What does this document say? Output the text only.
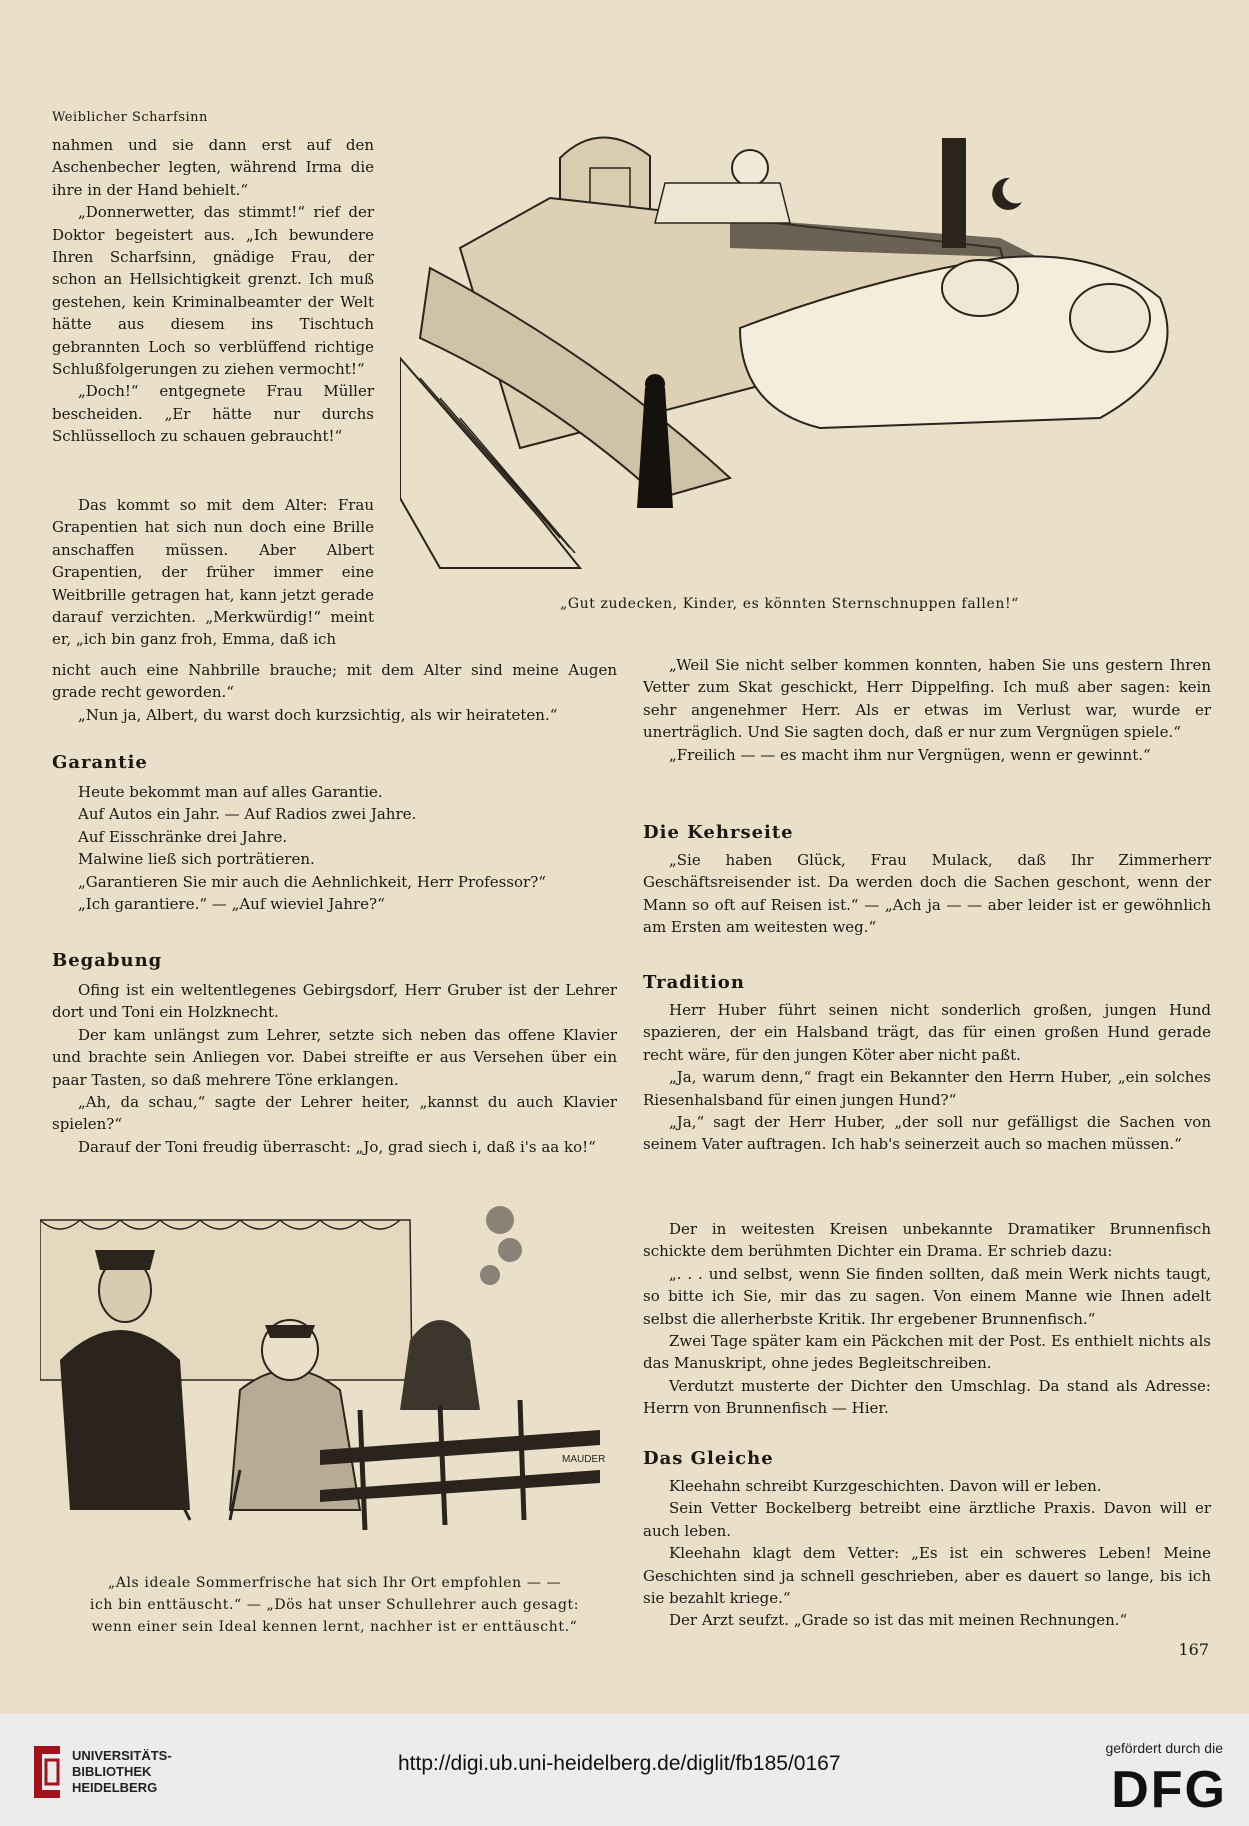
Weiblicher Scharfsinn

nahmen und sie dann erst auf den Aschenbecher legten, während Irma die ihre in der Hand behielt.“

„Donnerwetter, das stimmt!“ rief der Doktor begeistert aus. „Ich bewundere Ihren Scharfsinn, gnädige Frau, der schon an Hellsichtigkeit grenzt. Ich muß gestehen, kein Kriminalbeamter der Welt hätte aus diesem ins Tischtuch gebrannten Loch so verblüffend richtige Schlußfolgerungen zu ziehen vermocht!“

„Doch!“ entgegnete Frau Müller bescheiden. „Er hätte nur durchs Schlüsselloch zu schauen gebraucht!“

Das kommt so mit dem Alter: Frau Grapentien hat sich nun doch eine Brille anschaffen müssen. Aber Albert Grapentien, der früher immer eine Weitbrille getragen hat, kann jetzt gerade darauf verzichten. „Merkwürdig!“ meint er, „ich bin ganz froh, Emma, daß ich

nicht auch eine Nahbrille brauche; mit dem Alter sind meine Augen grade recht geworden.“

„Nun ja, Albert, du warst doch kurzsichtig, als wir heirateten.“

„Gut zudecken, Kinder, es könnten Sternschnuppen fallen!“
Garantie

Heute bekommt man auf alles Garantie.

Auf Autos ein Jahr. — Auf Radios zwei Jahre.

Auf Eisschränke drei Jahre.

Malwine ließ sich porträtieren.

„Garantieren Sie mir auch die Aehnlichkeit, Herr Professor?“

„Ich garantiere.“ — „Auf wieviel Jahre?“

Begabung

Ofing ist ein weltentlegenes Gebirgsdorf, Herr Gruber ist der Lehrer dort und Toni ein Holzknecht.

Der kam unlängst zum Lehrer, setzte sich neben das offene Klavier und brachte sein Anliegen vor. Dabei streifte er aus Versehen über ein paar Tasten, so daß mehrere Töne erklangen.

„Ah, da schau,“ sagte der Lehrer heiter, „kannst du auch Klavier spielen?“

Darauf der Toni freudig überrascht: „Jo, grad siech i, daß i's aa ko!“

MAUDER
„Als ideale Sommerfrische hat sich Ihr Ort empfohlen — —
ich bin enttäuscht.“ — „Dös hat unser Schullehrer auch gesagt:
wenn einer sein Ideal kennen lernt, nachher ist er enttäuscht.“

„Weil Sie nicht selber kommen konnten, haben Sie uns gestern Ihren Vetter zum Skat geschickt, Herr Dippelfing. Ich muß aber sagen: kein sehr angenehmer Herr. Als er etwas im Verlust war, wurde er unerträglich. Und Sie sagten doch, daß er nur zum Vergnügen spiele.“

„Freilich — — es macht ihm nur Vergnügen, wenn er gewinnt.“

Die Kehrseite

„Sie haben Glück, Frau Mulack, daß Ihr Zimmerherr Geschäftsreisender ist. Da werden doch die Sachen geschont, wenn der Mann so oft auf Reisen ist.“ — „Ach ja — — aber leider ist er gewöhnlich am Ersten am weitesten weg.“

Tradition

Herr Huber führt seinen nicht sonderlich großen, jungen Hund spazieren, der ein Halsband trägt, das für einen großen Hund gerade recht wäre, für den jungen Köter aber nicht paßt.

„Ja, warum denn,“ fragt ein Bekannter den Herrn Huber, „ein solches Riesenhalsband für einen jungen Hund?“

„Ja,“ sagt der Herr Huber, „der soll nur gefälligst die Sachen von seinem Vater auftragen. Ich hab's seinerzeit auch so machen müssen.“

Der in weitesten Kreisen unbekannte Dramatiker Brunnenfisch schickte dem berühmten Dichter ein Drama. Er schrieb dazu:

„. . . und selbst, wenn Sie finden sollten, daß mein Werk nichts taugt, so bitte ich Sie, mir das zu sagen. Von einem Manne wie Ihnen adelt selbst die allerherbste Kritik. Ihr ergebener Brunnenfisch.“

Zwei Tage später kam ein Päckchen mit der Post. Es enthielt nichts als das Manuskript, ohne jedes Begleitschreiben.

Verdutzt musterte der Dichter den Umschlag. Da stand als Adresse: Herrn von Brunnenfisch — Hier.

Das Gleiche

Kleehahn schreibt Kurzgeschichten. Davon will er leben.

Sein Vetter Bockelberg betreibt eine ärztliche Praxis. Davon will er auch leben.

Kleehahn klagt dem Vetter: „Es ist ein schweres Leben! Meine Geschichten sind ja schnell geschrieben, aber es dauert so lange, bis ich sie bezahlt kriege.“

Der Arzt seufzt. „Grade so ist das mit meinen Rechnungen.“

167
UNIVERSITÄTS-
BIBLIOTHEK
HEIDELBERG
http://digi.ub.uni-heidelberg.de/diglit/fb185/0167
gefördert durch die
DFG
